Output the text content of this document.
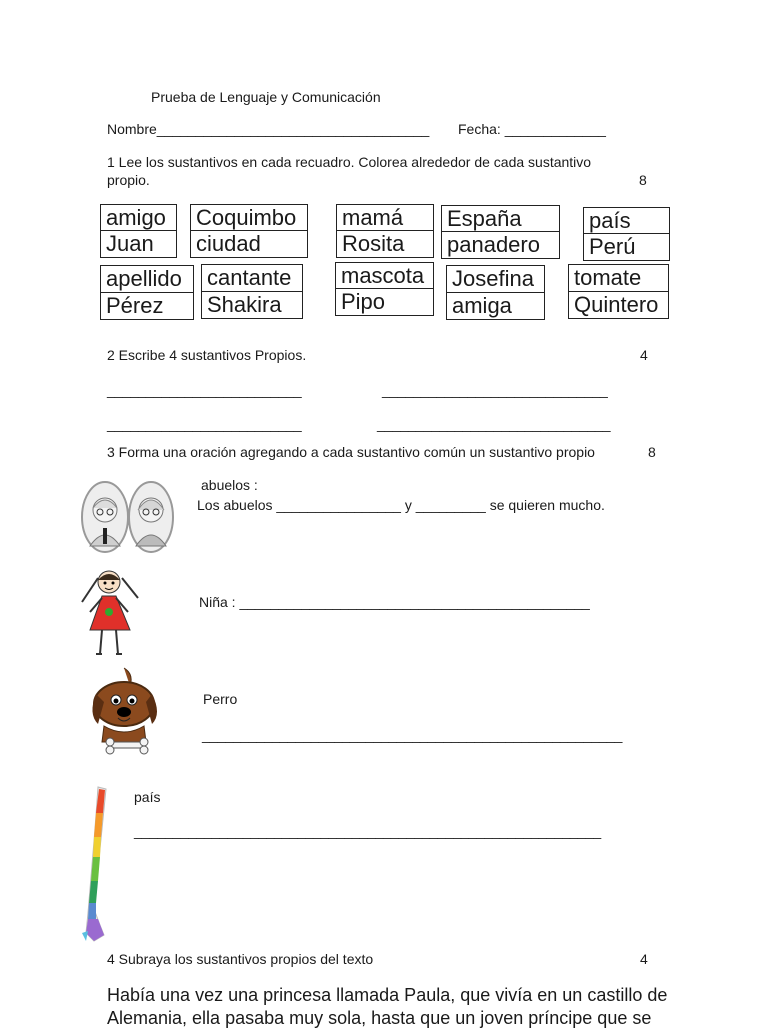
Prueba de Lenguaje y Comunicación
Nombre___________________________________ Fecha: _____________
1 Lee los sustantivos en cada recuadro. Colorea alrededor de cada sustantivo
propio.	8
amigo
Juan
Coquimbo
ciudad
mamá
Rosita
España
panadero
país
Perú
apellido
Pérez
cantante
Shakira
mascota
Pipo
Josefina
amiga
tomate
Quintero
2 Escribe 4 sustantivos Propios.	4
_________________________	_____________________________
_________________________	______________________________
3 Forma una oración agregando a cada sustantivo común un sustantivo propio	8
abuelos :
Los abuelos ________________ y _________ se quieren mucho.
Niña : _____________________________________________
Perro
______________________________________________________
país
____________________________________________________________
4 Subraya los sustantivos propios del texto	4
Había una vez una princesa llamada Paula, que vivía en un castillo de
Alemania, ella pasaba muy sola, hasta que un joven príncipe que se
